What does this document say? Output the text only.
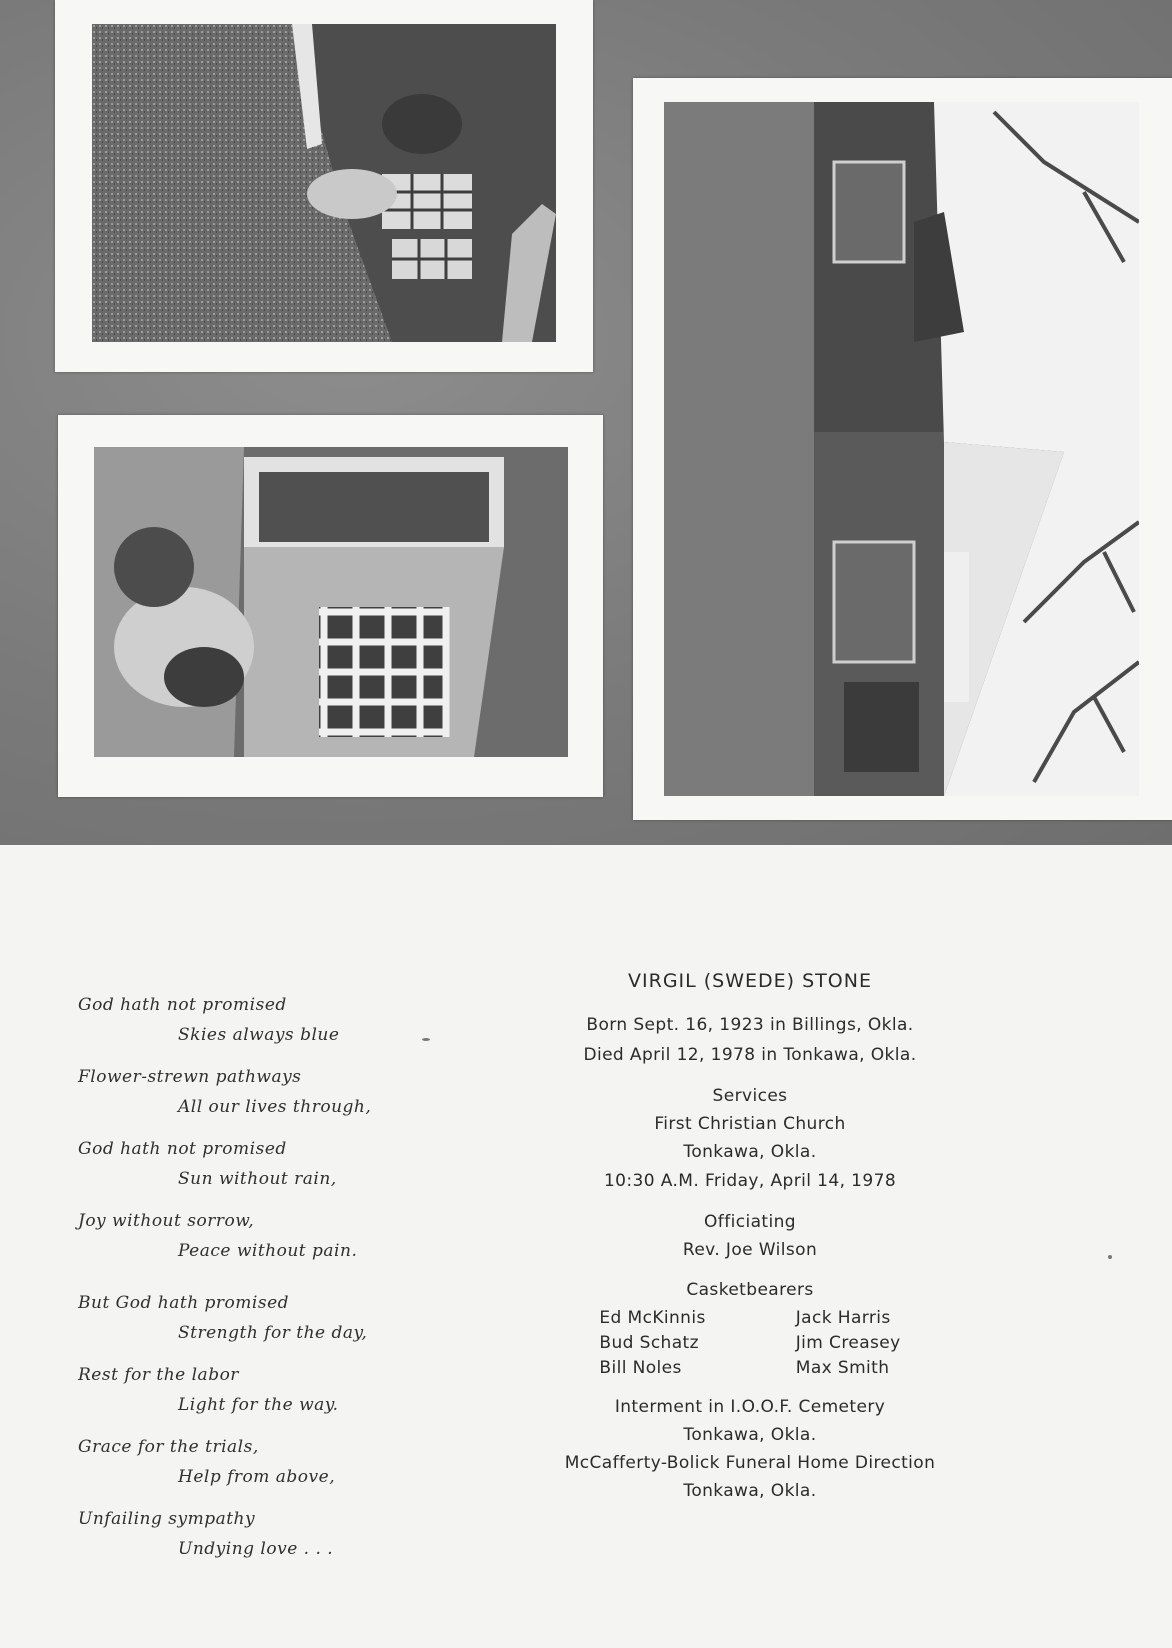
God hath not promised
Skies always blue
Flower-strewn pathways
All our lives through,
God hath not promised
Sun without rain,
Joy without sorrow,
Peace without pain.
But God hath promised
Strength for the day,
Rest for the labor
Light for the way.
Grace for the trials,
Help from above,
Unfailing sympathy
Undying love . . .
VIRGIL (SWEDE) STONE
Born Sept. 16, 1923 in Billings, Okla.
Died April 12, 1978 in Tonkawa, Okla.
Services
First Christian Church
Tonkawa, Okla.
10:30 A.M. Friday, April 14, 1978
Officiating
Rev. Joe Wilson
Casketbearers
Ed McKinnis
Bud Schatz
Bill Noles
Jack Harris
Jim Creasey
Max Smith
Interment in I.O.O.F. Cemetery
Tonkawa, Okla.
McCafferty-Bolick Funeral Home Direction
Tonkawa, Okla.
